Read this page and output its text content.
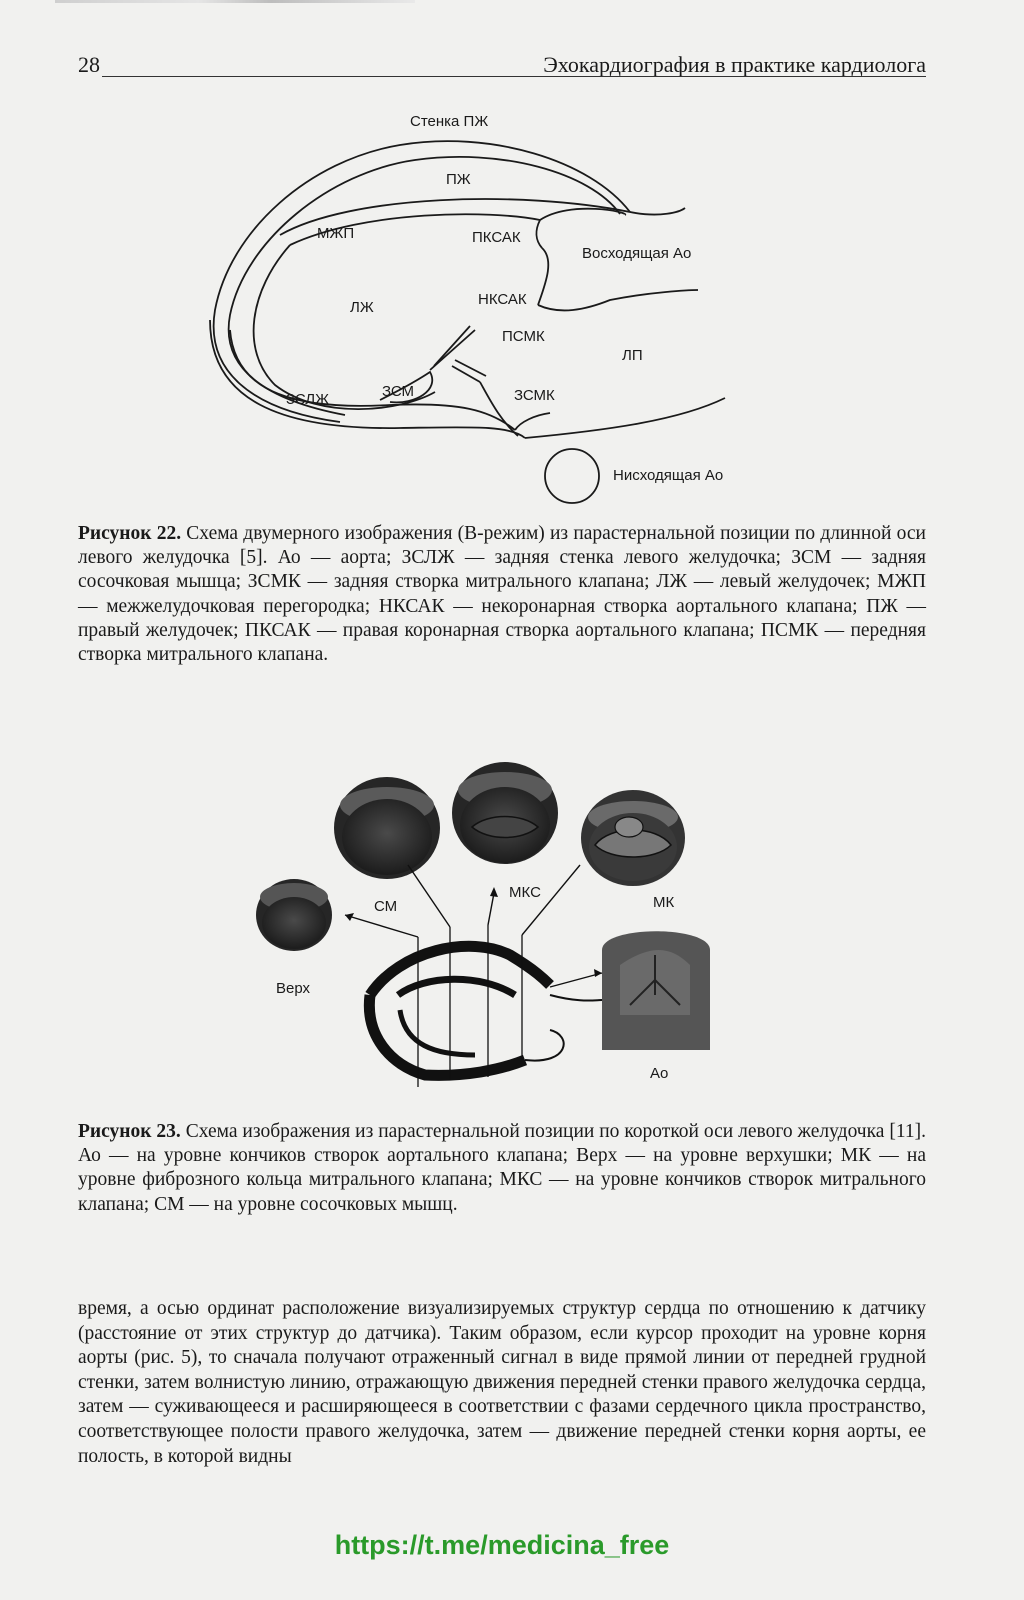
28	Эхокардиография в практике кардиолога
Стенка ПЖ
ПЖ
МЖП	ПКСАК
Восходящая Ао
ЛЖ	НКСАК
ПСМК
ЛП
ЗСЛЖ	ЗСМ	ЗСМК
Нисходящая Ао

Рисунок 22. Схема двумерного изображения (В-режим) из парастернальной позиции по длинной оси левого желудочка [5]. Ао — аорта; ЗСЛЖ — задняя стенка левого желудочка; ЗСМ — задняя сосочковая мышца; ЗСМК — задняя створка митрального клапана; ЛЖ — левый желудочек; МЖП — межжелудочковая перегородка; НКСАК — некоронарная створка аортального клапана; ПЖ — правый желудочек; ПКСАК — правая коронарная створка аортального клапана; ПСМК — передняя створка митрального клапана.

СМ
МКС
МК
Верх
Ао

Рисунок 23. Схема изображения из парастернальной позиции по короткой оси левого желудочка [11]. Ао — на уровне кончиков створок аортального клапана; Верх — на уровне верхушки; МК — на уровне фиброзного кольца митрального клапана; МКС — на уровне кончиков створок митрального клапана; СМ — на уровне сосочковых мышц.

время, а осью ординат расположение визуализируемых структур сердца по отношению к датчику (расстояние от этих структур до датчика). Таким образом, если курсор проходит на уровне корня аорты (рис. 5), то сначала получают отраженный сигнал в виде прямой линии от передней грудной стенки, затем волнистую линию, отражающую движения передней стенки правого желудочка сердца, затем — суживающееся и расширяющееся в соответствии с фазами сердечного цикла пространство, соответствующее полости правого желудочка, затем — движение передней стенки корня аорты, ее полость, в которой видны

https://t.me/medicina_free
